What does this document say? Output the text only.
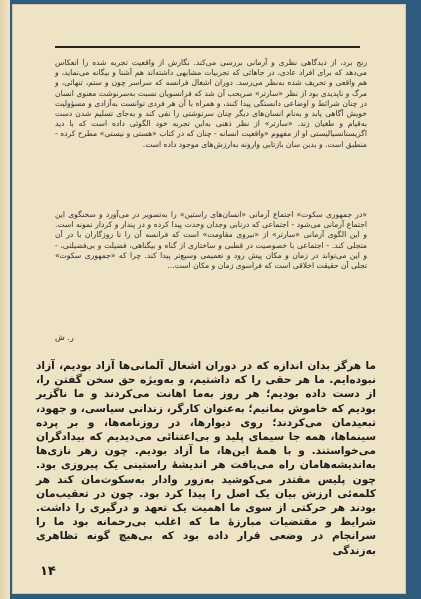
رنج برد، از دیدگاهی نظری و آرمانی بررسی می‌کند. نگارش از واقعیت تجربه شده را انعکاس می‌دهد که برای افراد عادی، در جاهائی که تجربیات مشابهی داشته‌اند هم آشنا و بیگانه می‌نماید، و هم واقعی و تحریف شده به‌نظر می‌رسد. دوران اشغال فرانسه که سراسر چون و ستم، تنهائی، و مرگ و ناپدیدی بود از نظر «سارتر» صریحب آن شد که فرانسویان نسبت به‌سرنوشت معنوی انسان در چنان شرائط و اوضاعی دانستگی پیدا کنند، و همراه با آن هر فردی توانست به‌آزادی و مسؤولیت خویش آگاهی یابد و به‌نام انسان‌های دیگر چنان سرنوشتی را نفی کند و به‌جای تسلیم شدن دست به‌قیام و طغیان زند. «سارتر» از نظر ذهنی به‌این تجربه خود الگوئی داده است که با دید اگزیستانسیالیستی او از مفهوم «واقعیت انسانه - چنان که در کتاب «هستی و نیستی» مطرح کرده - منطبق است. و بدین سان بازتابی وارونه به‌ارزش‌های موجود داده است.

«در جمهوری سکوت» اجتماع آرمانی «انسان‌های راستین» را به‌تصویر در می‌آورد و سخنگوی این اجتماع آرمانی می‌شود - اجتماعی که درنابی وجدان وحدت پیدا کرده و در پندار و کردار نمونه است. و این الگوی آرمانی «سارتر» از «نیروی مقاومت» است که فرانسه آن را تا روزگاران با در آن متجلی کند. - اجتماعی با خصوصیت در قطبی و ساختاری از گناه و بیگناهی، فضیلت و بی‌فضیلتی، - و این می‌تواند در زمان و مکان پیش رود و تعمیمی وسیع‌تر پیدا کند. چرا که «جمهوری سکوت» تجلی آن حقیقت اخلاقی است که فراسوی زمان و مکان است...

ر. ش

ما هرگز بدان اندازه که در دوران اشغال آلمانی‌ها آزاد بودیم، آزاد نبوده‌ایم. ما هر حقی را که داشتیم، و به‌ویژه حق سخن گفتن را، از دست داده بودیم؛ هر روز به‌ما اهانت می‌کردند و ما ناگزیر بودیم که خاموش بمانیم؛ به‌عنوان کارگر، زندانی سیاسی، و جهود، تبعیدمان می‌کردند؛ روی دیوارها، در روزنامه‌ها، و بر پرده سینماها، همه جا سیمای پلید و بی‌اعتنائی می‌دیدیم که بیدادگران می‌خواستند. و با همهٔ این‌ها، ما آزاد بودیم. چون زهر نازی‌ها به‌اندیشه‌هامان راه می‌یافت هر اندیشهٔ راستینی یک پیروزی بود. چون پلیس مقتدر می‌کوشید به‌زور وادار به‌سکوت‌مان کند هر کلمه‌ئی ارزش بیان یک اصل را پیدا کرد بود. چون در تعقیب‌مان بودند هر حرکتی از سوی ما اهمیت یک تعهد و درگیری را داشت. شرایط و مقتضیات مبارزهٔ ما که اغلب بی‌رحمانه بود ما را سرانجام در وضعی قرار داده بود که بی‌هیچ گونه تظاهری به‌زندگی

۱۴
